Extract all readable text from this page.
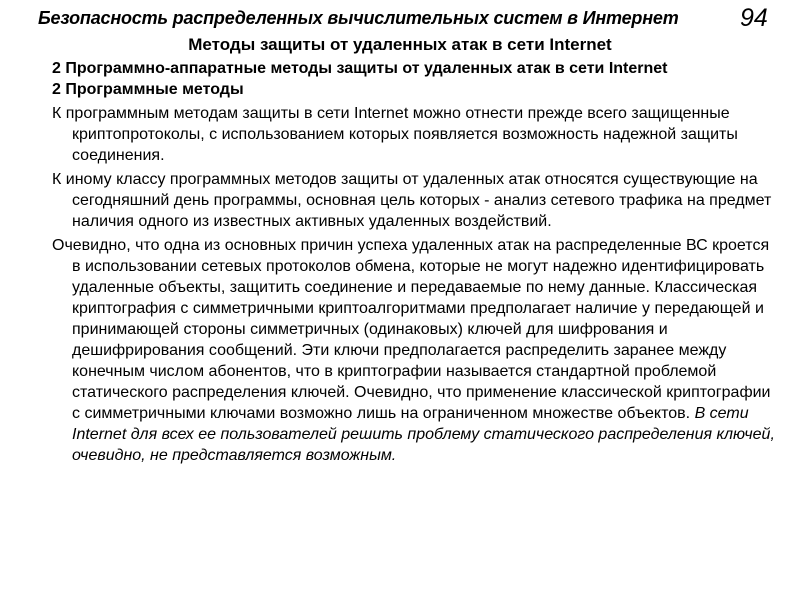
Безопасность распределенных вычислительных систем в Интернет 94
Методы защиты от удаленных атак в сети Internet
2 Программно-аппаратные методы защиты от удаленных атак в сети Internet
2 Программные методы
К программным методам защиты в сети Internet можно отнести прежде всего защищенные криптопротоколы, с использованием которых появляется возможность надежной защиты соединения.
К иному классу программных методов защиты от удаленных атак относятся существующие на сегодняшний день программы, основная цель которых - анализ сетевого трафика на предмет наличия одного из известных активных удаленных воздействий.
Очевидно, что одна из основных причин успеха удаленных атак на распределенные ВС кроется в использовании сетевых протоколов обмена, которые не могут надежно идентифицировать удаленные объекты, защитить соединение и передаваемые по нему данные. Классическая криптография с симметричными криптоалгоритмами предполагает наличие у передающей и принимающей стороны симметричных (одинаковых) ключей для шифрования и дешифрирования сообщений. Эти ключи предполагается распределить заранее между конечным числом абонентов, что в криптографии называется стандартной проблемой статического распределения ключей. Очевидно, что применение классической криптографии с симметричными ключами возможно лишь на ограниченном множестве объектов. В сети Internet для всех ее пользователей решить проблему статического распределения ключей, очевидно, не представляется возможным.
